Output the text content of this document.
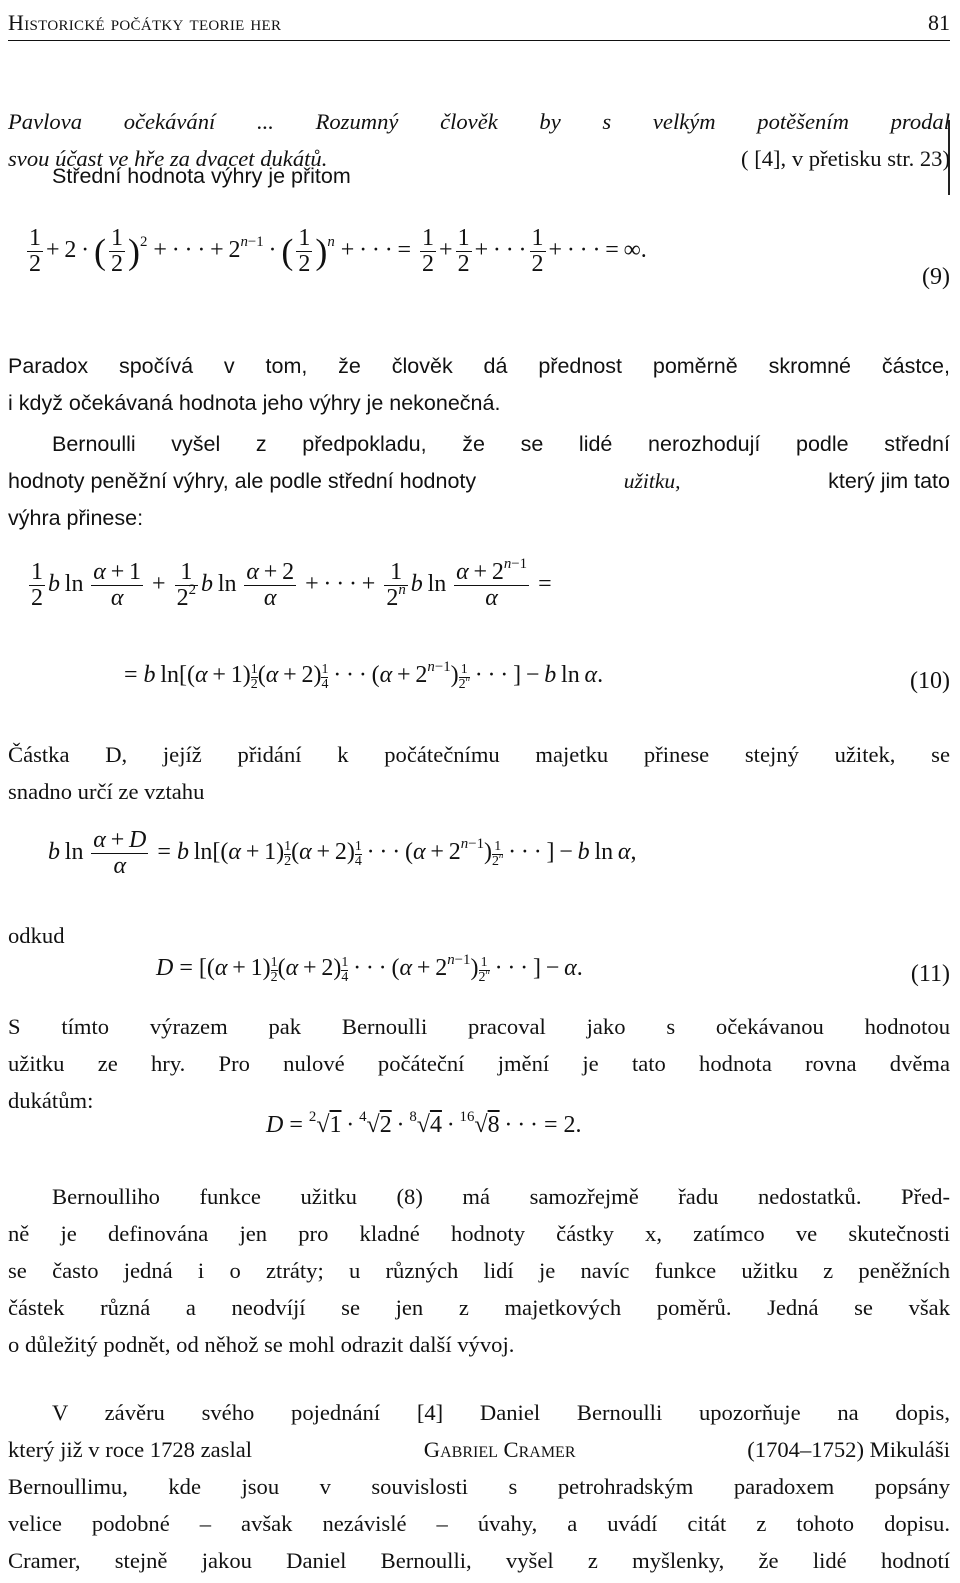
Historické počátky teorie her	81
Pavlova očekávání ... Rozumný člověk by s velkým potěšením prodal
svou účast ve hře za dvacet dukátů.	( [4], v přetisku str. 23)
Střední hodnota výhry je přitom
$\frac{1}{2} + 2$ · ( $\frac{1}{2} )^2$ + · · · + $2^{n-1}$ · ( $\frac{1}{2} )^n$ + · · · = $\frac{1}{2} + \frac{1}{2}$ + · · · $\frac{1}{2}$ + · · · = ∞.
(9)
Paradox spočívá v tom, že člověk dá přednost poměrně skromné částce,
i když očekávaná hodnota jeho výhry je nekonečná.
Bernoulli vyšel z předpokladu, že se lidé nerozhodují podle střední
hodnoty peněžní výhry, ale podle střední hodnoty	užitku,	který jim tato
výhra přinese:
$\frac{1}{2}$ b $\ln \frac{\alpha + 1}{\alpha} + \frac{1}{2^2}$ b $\ln \frac{\alpha + 2}{\alpha}$ + · · · + $\frac{1}{2^n}$ b $\ln \frac{\alpha + 2^{n-1}}{\alpha}$ =
= b $\ln[(\alpha + 1) \frac{1}{2} (\alpha + 2) \frac{1}{4}$  · · · $(\alpha + 2^{n-1}) \frac{1}{2^n}$  · · · ] − b ln α.	(10)
Částka D, jejíž přidání k počátečnímu majetku přinese stejný užitek, se
snadno určí ze vztahu
b $\ln \frac{\alpha + D}{\alpha} = b$ $\ln[(\alpha + 1) \frac{1}{2} (\alpha + 2) \frac{1}{4}$  · · · $(\alpha + 2^{n-1}) \frac{1}{2^n}$  · · · ] − b ln α,
odkud
$D = [(\alpha + 1) \frac{1}{2} (\alpha + 2) \frac{1}{4}$  · · · $(\alpha + 2^{n-1}) \frac{1}{2^n}$  · · · ] − α.	(11)
S tímto výrazem pak Bernoulli pracoval jako s očekávanou hodnotou
užitku ze hry. Pro nulové počáteční jmění je tato hodnota rovna dvěma
dukátům:
D = $^2$√1 · $^4$√2 · $^8$√4 · $^{16}$√8 · · · = 2.
Bernoulliho funkce užitku (8) má samozřejmě řadu nedostatků. Před-
ně je definována jen pro kladné hodnoty částky x, zatímco ve skutečnosti
se často jedná i o ztráty; u různých lidí je navíc funkce užitku z peněžních
částek různá a neodvíjí se jen z majetkových poměrů. Jedná se však
o důležitý podnět, od něhož se mohl odrazit další vývoj.
V závěru svého pojednání [4] Daniel Bernoulli upozorňuje na dopis,
který již v roce 1728 zaslal	Gabriel Cramer	(1704–1752) Mikuláši
Bernoullimu, kde jsou v souvislosti s petrohradským paradoxem popsány
velice podobné – avšak nezávislé – úvahy, a uvádí citát z tohoto dopisu.
Cramer, stejně jakou Daniel Bernoulli, vyšel z myšlenky, že lidé hodnotí
